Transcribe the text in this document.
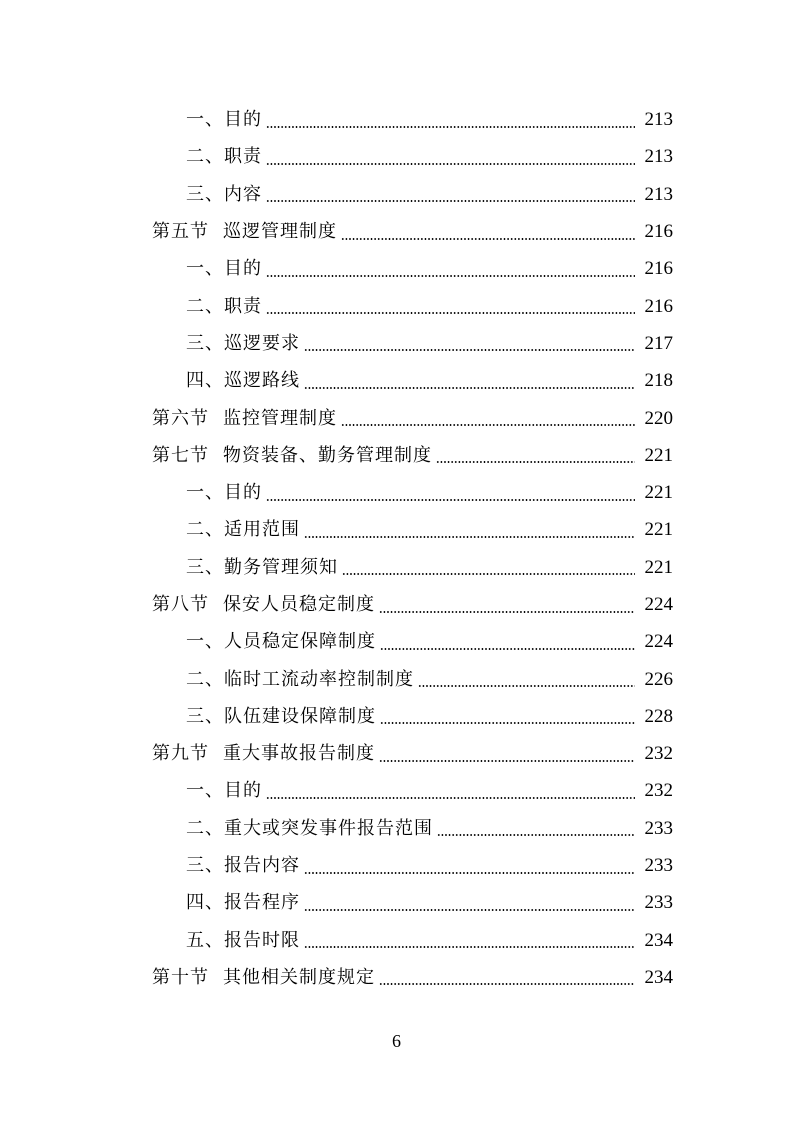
一、 目的	213
二、 职责	213
三、 内容	213
第五节 巡逻管理制度	216
一、 目的	216
二、 职责	216
三、 巡逻要求	217
四、 巡逻路线	218
第六节 监控管理制度	220
第七节 物资装备、勤务管理制度	221
一、 目的	221
二、 适用范围	221
三、 勤务管理须知	221
第八节 保安人员稳定制度	224
一、 人员稳定保障制度	224
二、 临时工流动率控制制度	226
三、 队伍建设保障制度	228
第九节 重大事故报告制度	232
一、 目的	232
二、 重大或突发事件报告范围	233
三、 报告内容	233
四、 报告程序	233
五、 报告时限	234
第十节 其他相关制度规定	234
6
